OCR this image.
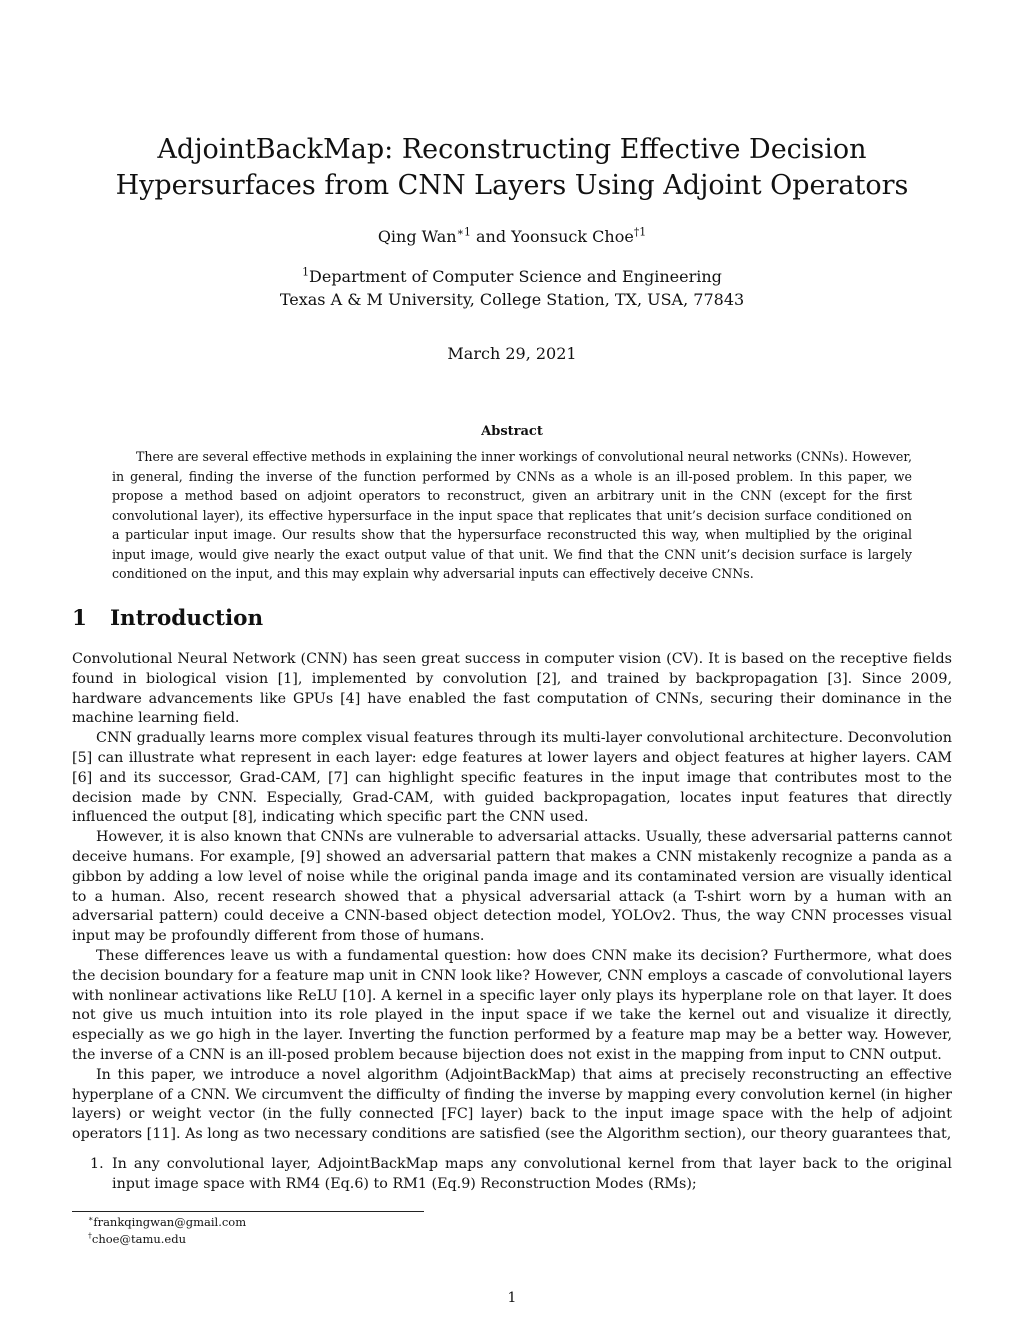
AdjointBackMap: Reconstructing Effective Decision Hypersurfaces from CNN Layers Using Adjoint Operators
Qing Wan$^{∗1}$ and Yoonsuck Choe$^{\dagger 1}$
$^1$Department of Computer Science and Engineering
Texas A & M University, College Station, TX, USA, 77843
March 29, 2021
Abstract

There are several effective methods in explaining the inner workings of convolutional neural networks (CNNs). However, in general, finding the inverse of the function performed by CNNs as a whole is an ill-posed problem. In this paper, we propose a method based on adjoint operators to reconstruct, given an arbitrary unit in the CNN (except for the first convolutional layer), its effective hypersurface in the input space that replicates that unit’s decision surface conditioned on a particular input image. Our results show that the hypersurface reconstructed this way, when multiplied by the original input image, would give nearly the exact output value of that unit. We find that the CNN unit’s decision surface is largely conditioned on the input, and this may explain why adversarial inputs can effectively deceive CNNs.

1 Introduction

Convolutional Neural Network (CNN) has seen great success in computer vision (CV). It is based on the receptive fields found in biological vision [1], implemented by convolution [2], and trained by backpropagation [3]. Since 2009, hardware advancements like GPUs [4] have enabled the fast computation of CNNs, securing their dominance in the machine learning field.

CNN gradually learns more complex visual features through its multi-layer convolutional architecture. Deconvolution [5] can illustrate what represent in each layer: edge features at lower layers and object features at higher layers. CAM [6] and its successor, Grad-CAM, [7] can highlight specific features in the input image that contributes most to the decision made by CNN. Especially, Grad-CAM, with guided backpropagation, locates input features that directly influenced the output [8], indicating which specific part the CNN used.

However, it is also known that CNNs are vulnerable to adversarial attacks. Usually, these adversarial patterns cannot deceive humans. For example, [9] showed an adversarial pattern that makes a CNN mistakenly recognize a panda as a gibbon by adding a low level of noise while the original panda image and its contaminated version are visually identical to a human. Also, recent research showed that a physical adversarial attack (a T-shirt worn by a human with an adversarial pattern) could deceive a CNN-based object detection model, YOLOv2. Thus, the way CNN processes visual input may be profoundly different from those of humans.

These differences leave us with a fundamental question: how does CNN make its decision? Furthermore, what does the decision boundary for a feature map unit in CNN look like? However, CNN employs a cascade of convolutional layers with nonlinear activations like ReLU [10]. A kernel in a specific layer only plays its hyperplane role on that layer. It does not give us much intuition into its role played in the input space if we take the kernel out and visualize it directly, especially as we go high in the layer. Inverting the function performed by a feature map may be a better way. However, the inverse of a CNN is an ill-posed problem because bijection does not exist in the mapping from input to CNN output.

In this paper, we introduce a novel algorithm (AdjointBackMap) that aims at precisely reconstructing an effective hyperplane of a CNN. We circumvent the difficulty of finding the inverse by mapping every convolution kernel (in higher layers) or weight vector (in the fully connected [FC] layer) back to the input image space with the help of adjoint operators [11]. As long as two necessary conditions are satisfied (see the Algorithm section), our theory guarantees that,

1. In any convolutional layer, AdjointBackMap maps any convolutional kernel from that layer back to the original input image space with RM4 (Eq.6) to RM1 (Eq.9) Reconstruction Modes (RMs);
∗frankqingwan@gmail.com
†choe@tamu.edu
1
